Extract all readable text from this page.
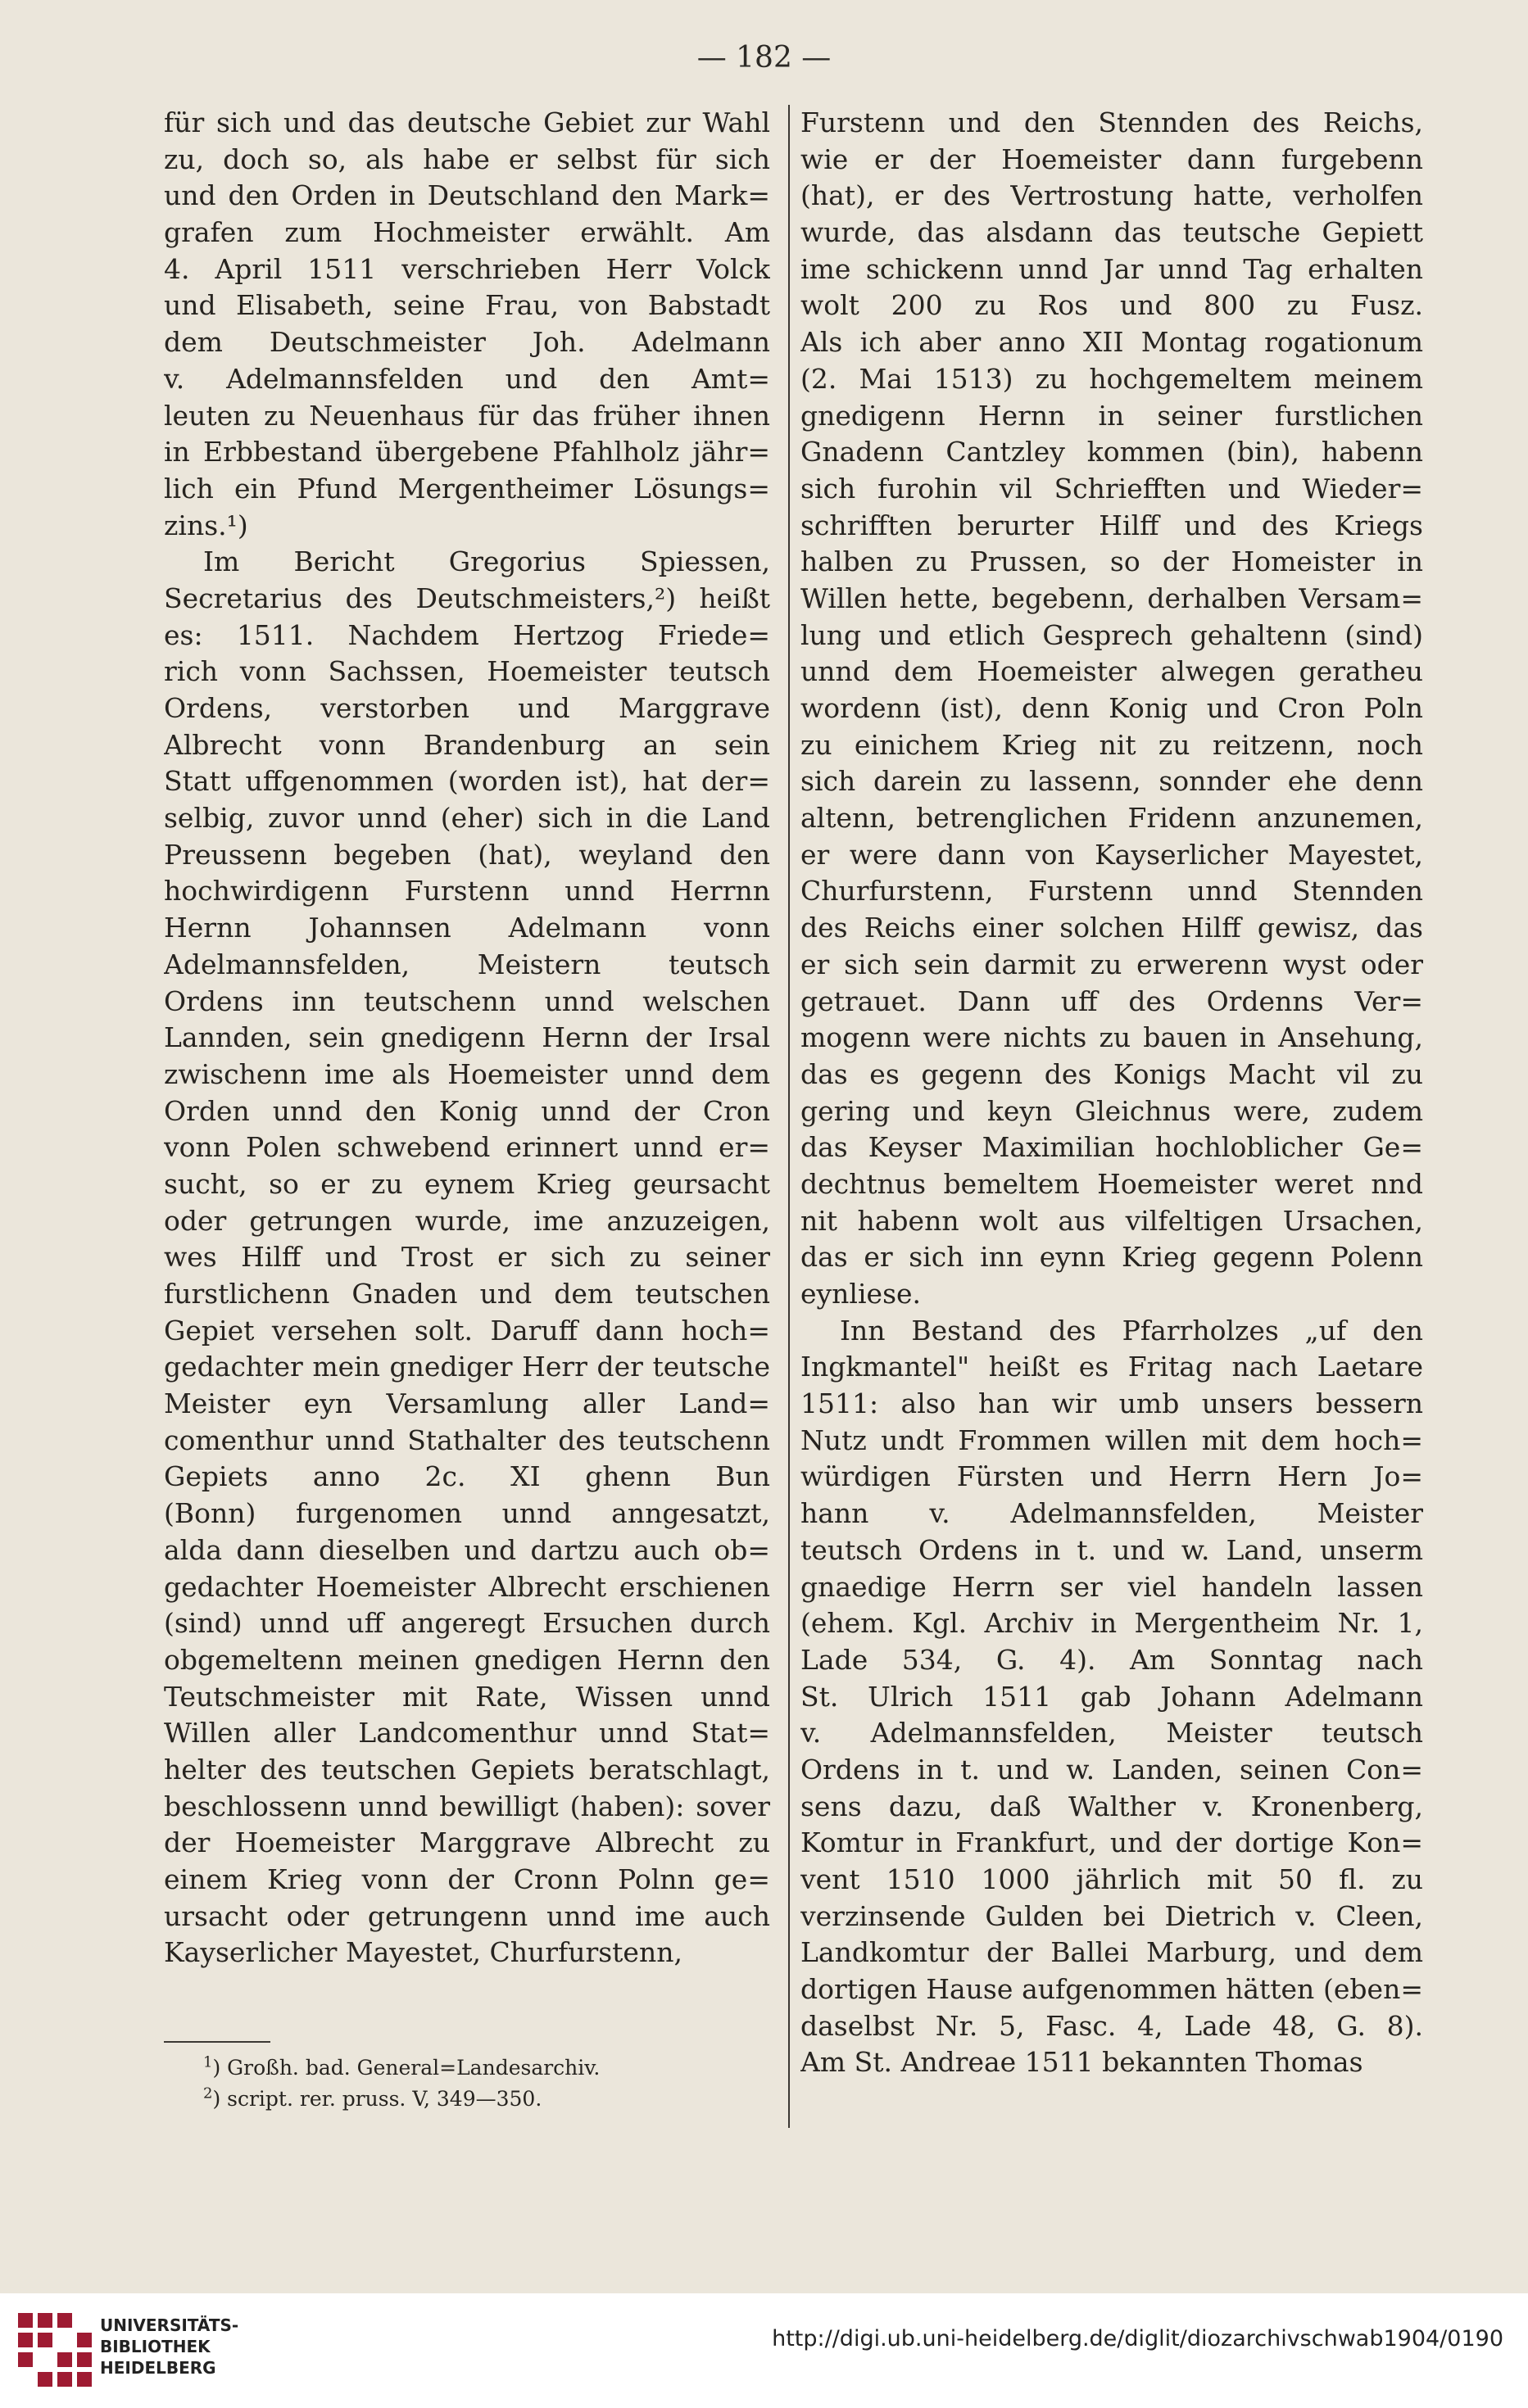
— 182 —
für sich und das deutsche Gebiet zur Wahl
zu, doch so, als habe er selbst für sich
und den Orden in Deutschland den Mark=
grafen zum Hochmeister erwählt. Am
4. April 1511 verschrieben Herr Volck
und Elisabeth, seine Frau, von Babstadt
dem Deutschmeister Joh. Adelmann
v. Adelmannsfelden und den Amt=
leuten zu Neuenhaus für das früher ihnen
in Erbbestand übergebene Pfahlholz jähr=
lich ein Pfund Mergentheimer Lösungs=
zins.¹)
Im Bericht Gregorius Spiessen,
Secretarius des Deutschmeisters,²) heißt
es: 1511. Nachdem Hertzog Friede=
rich vonn Sachssen, Hoemeister teutsch
Ordens, verstorben und Marggrave
Albrecht vonn Brandenburg an sein
Statt uffgenommen (worden ist), hat der=
selbig, zuvor unnd (eher) sich in die Land
Preussenn begeben (hat), weyland den
hochwirdigenn Furstenn unnd Herrnn
Hernn Johannsen Adelmann vonn
Adelmannsfelden, Meistern teutsch
Ordens inn teutschenn unnd welschen
Lannden, sein gnedigenn Hernn der Irsal
zwischenn ime als Hoemeister unnd dem
Orden unnd den Konig unnd der Cron
vonn Polen schwebend erinnert unnd er=
sucht, so er zu eynem Krieg geursacht
oder getrungen wurde, ime anzuzeigen,
wes Hilff und Trost er sich zu seiner
furstlichenn Gnaden und dem teutschen
Gepiet versehen solt. Daruff dann hoch=
gedachter mein gnediger Herr der teutsche
Meister eyn Versamlung aller Land=
comenthur unnd Stathalter des teutschenn
Gepiets anno 2c. XI ghenn Bun
(Bonn) furgenomen unnd anngesatzt,
alda dann dieselben und dartzu auch ob=
gedachter Hoemeister Albrecht erschienen
(sind) unnd uff angeregt Ersuchen durch
obgemeltenn meinen gnedigen Hernn den
Teutschmeister mit Rate, Wissen unnd
Willen aller Landcomenthur unnd Stat=
helter des teutschen Gepiets beratschlagt,
beschlossenn unnd bewilligt (haben): sover
der Hoemeister Marggrave Albrecht zu
einem Krieg vonn der Cronn Polnn ge=
ursacht oder getrungenn unnd ime auch
Kayserlicher Mayestet, Churfurstenn,
Furstenn und den Stennden des Reichs,
wie er der Hoemeister dann furgebenn
(hat), er des Vertrostung hatte, verholfen
wurde, das alsdann das teutsche Gepiett
ime schickenn unnd Jar unnd Tag erhalten
wolt 200 zu Ros und 800 zu Fusz.
Als ich aber anno XII Montag rogationum
(2. Mai 1513) zu hochgemeltem meinem
gnedigenn Hernn in seiner furstlichen
Gnadenn Cantzley kommen (bin), habenn
sich furohin vil Schriefften und Wieder=
schrifften berurter Hilff und des Kriegs
halben zu Prussen, so der Homeister in
Willen hette, begebenn, derhalben Versam=
lung und etlich Gesprech gehaltenn (sind)
unnd dem Hoemeister alwegen geratheu
wordenn (ist), denn Konig und Cron Poln
zu einichem Krieg nit zu reitzenn, noch
sich darein zu lassenn, sonnder ehe denn
altenn, betrenglichen Fridenn anzunemen,
er were dann von Kayserlicher Mayestet,
Churfurstenn, Furstenn unnd Stennden
des Reichs einer solchen Hilff gewisz, das
er sich sein darmit zu erwerenn wyst oder
getrauet. Dann uff des Ordenns Ver=
mogenn were nichts zu bauen in Ansehung,
das es gegenn des Konigs Macht vil zu
gering und keyn Gleichnus were, zudem
das Keyser Maximilian hochloblicher Ge=
dechtnus bemeltem Hoemeister weret nnd
nit habenn wolt aus vilfeltigen Ursachen,
das er sich inn eynn Krieg gegenn Polenn
eynliese.
Inn Bestand des Pfarrholzes „uf den
Ingkmantel" heißt es Fritag nach Laetare
1511: also han wir umb unsers bessern
Nutz undt Frommen willen mit dem hoch=
würdigen Fürsten und Herrn Hern Jo=
hann v. Adelmannsfelden, Meister
teutsch Ordens in t. und w. Land, unserm
gnaedige Herrn ser viel handeln lassen
(ehem. Kgl. Archiv in Mergentheim Nr. 1,
Lade 534, G. 4). Am Sonntag nach
St. Ulrich 1511 gab Johann Adelmann
v. Adelmannsfelden, Meister teutsch
Ordens in t. und w. Landen, seinen Con=
sens dazu, daß Walther v. Kronenberg,
Komtur in Frankfurt, und der dortige Kon=
vent 1510 1000 jährlich mit 50 fl. zu
verzinsende Gulden bei Dietrich v. Cleen,
Landkomtur der Ballei Marburg, und dem
dortigen Hause aufgenommen hätten (eben=
daselbst Nr. 5, Fasc. 4, Lade 48, G. 8).
Am St. Andreae 1511 bekannten Thomas
$^1$) Großh. bad. General=Landesarchiv.
$^2$) script. rer. pruss. V, 349—350.
UNIVERSITÄTS-
BIBLIOTHEK
HEIDELBERG
http://digi.ub.uni-heidelberg.de/diglit/diozarchivschwab1904/0190
